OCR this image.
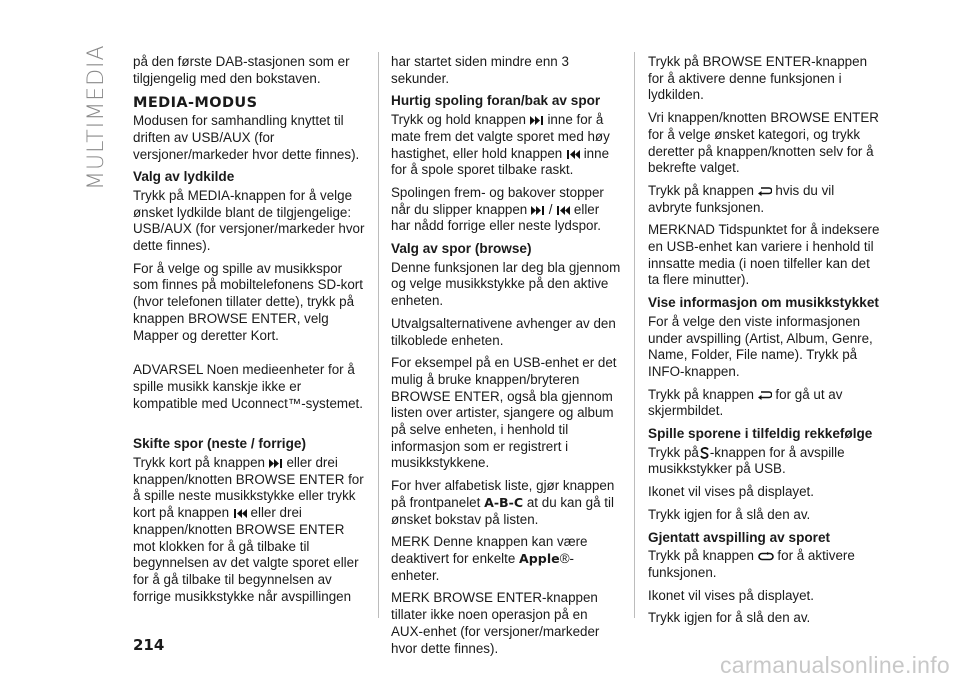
MULTIMEDIA på den første DAB-stasjonen som er tilgjengelig med den bokstaven.

MEDIA-MODUS

Modusen for samhandling knyttet til driften av USB/AUX (for versjoner/markeder hvor dette finnes).

Valg av lydkilde

Trykk på MEDIA-knappen for å velge ønsket lydkilde blant de tilgjengelige: USB/AUX (for versjoner/markeder hvor dette finnes).

For å velge og spille av musikkspor som finnes på mobiltelefonens SD-kort (hvor telefonen tillater dette), trykk på knappen BROWSE ENTER, velg Mapper og deretter Kort.

ADVARSEL Noen medieenheter for å spille musikk kanskje ikke er kompatible med Uconnect™-systemet.

Skifte spor (neste / forrige)

Trykk kort på knappen eller drei knappen/knotten BROWSE ENTER for å spille neste musikkstykke eller trykk kort på knappen eller drei knappen/knotten BROWSE ENTER mot klokken for å gå tilbake til begynnelsen av det valgte sporet eller for å gå tilbake til begynnelsen av forrige musikkstykke når avspillingen

har startet siden mindre enn 3 sekunder.

Hurtig spoling foran/bak av spor

Trykk og hold knappen inne for å mate frem det valgte sporet med høy hastighet, eller hold knappen inne for å spole sporet tilbake raskt.

Spolingen frem- og bakover stopper når du slipper knappen / eller har nådd forrige eller neste lydspor.

Valg av spor (browse)

Denne funksjonen lar deg bla gjennom og velge musikkstykke på den aktive enheten.

Utvalgsalternativene avhenger av den tilkoblede enheten.

For eksempel på en USB-enhet er det mulig å bruke knappen/bryteren BROWSE ENTER, også bla gjennom listen over artister, sjangere og album på selve enheten, i henhold til informasjon som er registrert i musikkstykkene.

For hver alfabetisk liste, gjør knappen på frontpanelet A-B-C at du kan gå til ønsket bokstav på listen.

MERK Denne knappen kan være deaktivert for enkelte Apple®-enheter.

MERK BROWSE ENTER-knappen tillater ikke noen operasjon på en AUX-enhet (for versjoner/markeder hvor dette finnes).

Trykk på BROWSE ENTER-knappen for å aktivere denne funksjonen i lydkilden.

Vri knappen/knotten BROWSE ENTER for å velge ønsket kategori, og trykk deretter på knappen/knotten selv for å bekrefte valget.

Trykk på knappen hvis du vil avbryte funksjonen.

MERKNAD Tidspunktet for å indeksere en USB-enhet kan variere i henhold til innsatte media (i noen tilfeller kan det ta flere minutter).

Vise informasjon om musikkstykket

For å velge den viste informasjonen under avspilling (Artist, Album, Genre, Name, Folder, File name). Trykk på INFO-knappen.

Trykk på knappen for gå ut av skjermbildet.

Spille sporene i tilfeldig rekkefølge

Trykk på -knappen for å avspille musikkstykker på USB.

Ikonet vil vises på displayet.

Trykk igjen for å slå den av.

Gjentatt avspilling av sporet

Trykk på knappen for å aktivere funksjonen.

Ikonet vil vises på displayet.

Trykk igjen for å slå den av.

214
carmanualsonline.info
